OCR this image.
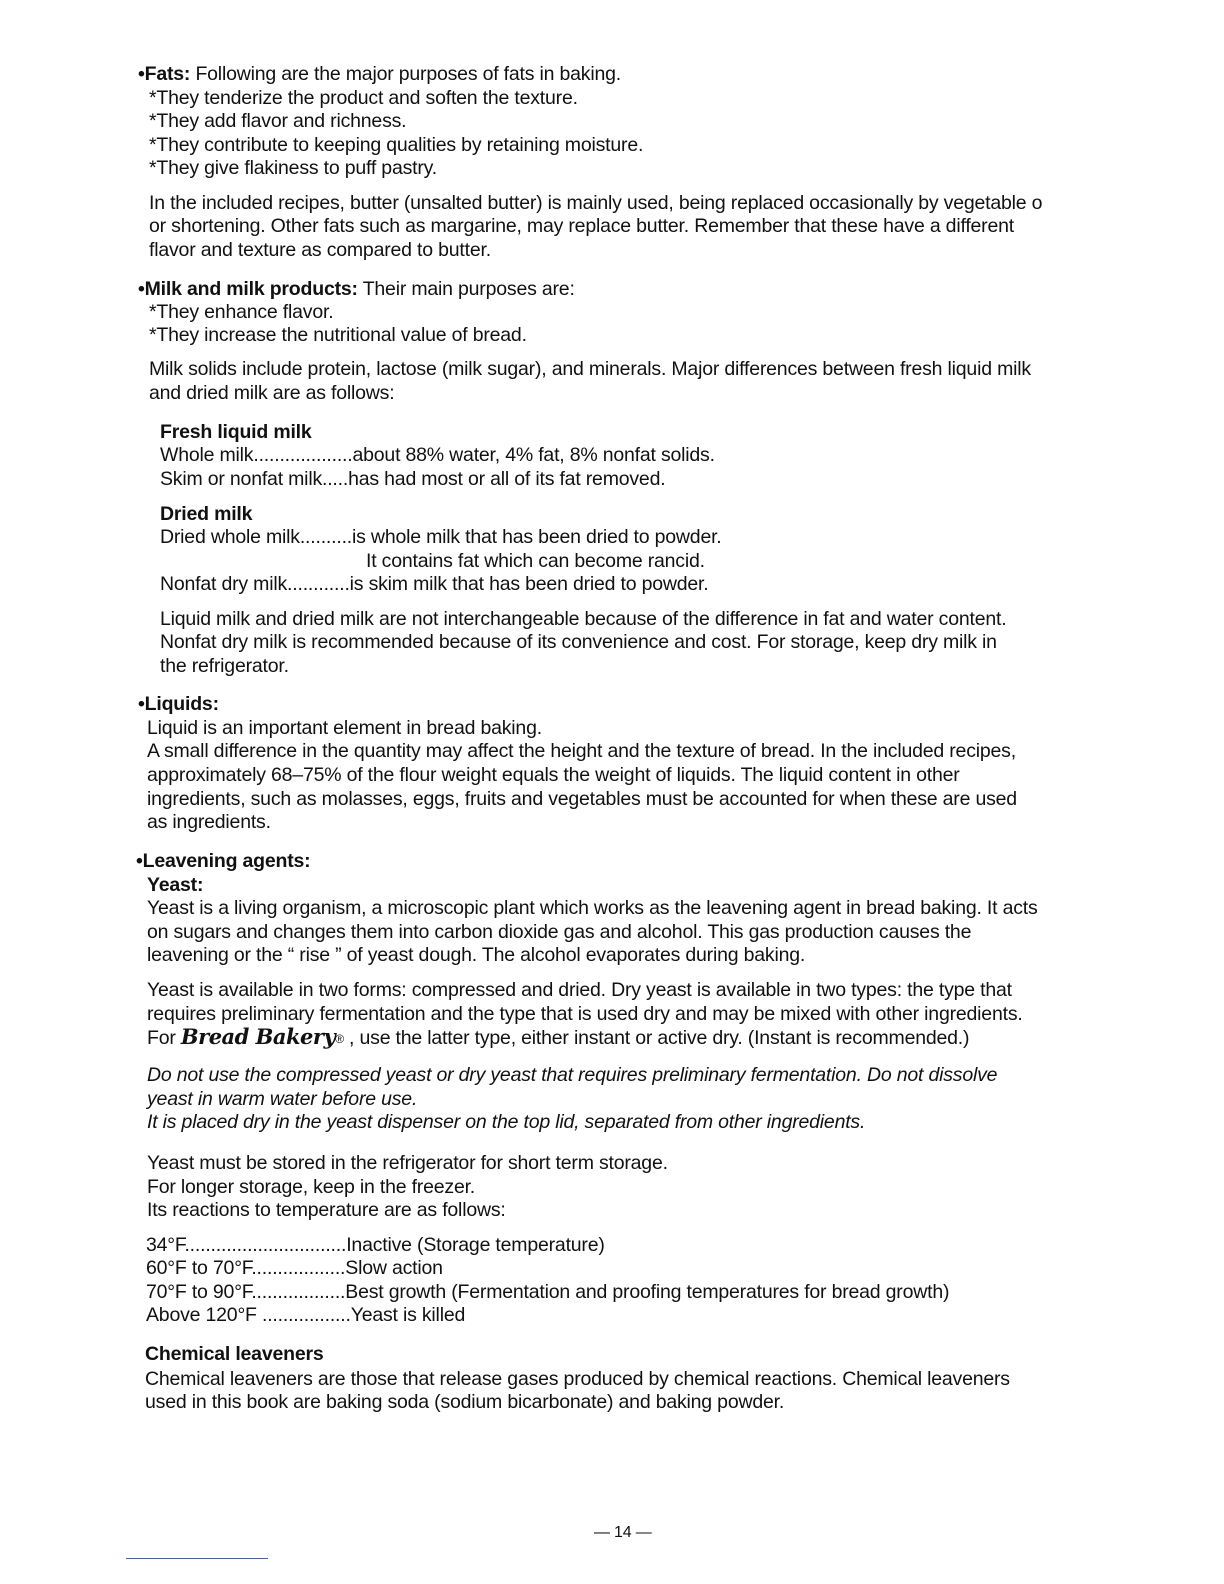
•Fats: Following are the major purposes of fats in baking.
*They tenderize the product and soften the texture.
*They add flavor and richness.
*They contribute to keeping qualities by retaining moisture.
*They give flakiness to puff pastry.
In the included recipes, butter (unsalted butter) is mainly used, being replaced occasionally by vegetable o
or shortening. Other fats such as margarine, may replace butter. Remember that these have a different
flavor and texture as compared to butter.
•Milk and milk products: Their main purposes are:
*They enhance flavor.
*They increase the nutritional value of bread.
Milk solids include protein, lactose (milk sugar), and minerals. Major differences between fresh liquid milk
and dried milk are as follows:
Fresh liquid milk
Whole milk...................about 88% water, 4% fat, 8% nonfat solids.
Skim or nonfat milk.....has had most or all of its fat removed.
Dried milk
Dried whole milk..........is whole milk that has been dried to powder.
It contains fat which can become rancid.
Nonfat dry milk............is skim milk that has been dried to powder.
Liquid milk and dried milk are not interchangeable because of the difference in fat and water content.
Nonfat dry milk is recommended because of its convenience and cost. For storage, keep dry milk in
the refrigerator.
•Liquids:
Liquid is an important element in bread baking.
A small difference in the quantity may affect the height and the texture of bread. In the included recipes,
approximately 68–75% of the flour weight equals the weight of liquids. The liquid content in other
ingredients, such as molasses, eggs, fruits and vegetables must be accounted for when these are used
as ingredients.
•Leavening agents:
Yeast:
Yeast is a living organism, a microscopic plant which works as the leavening agent in bread baking. It acts
on sugars and changes them into carbon dioxide gas and alcohol. This gas production causes the
leavening or the “ rise ” of yeast dough. The alcohol evaporates during baking.
Yeast is available in two forms: compressed and dried. Dry yeast is available in two types: the type that
requires preliminary fermentation and the type that is used dry and may be mixed with other ingredients.
For Bread Bakery® , use the latter type, either instant or active dry. (Instant is recommended.)
Do not use the compressed yeast or dry yeast that requires preliminary fermentation. Do not dissolve
yeast in warm water before use.
It is placed dry in the yeast dispenser on the top lid, separated from other ingredients.
Yeast must be stored in the refrigerator for short term storage.
For longer storage, keep in the freezer.
Its reactions to temperature are as follows:
34°F...............................Inactive (Storage temperature)
60°F to 70°F..................Slow action
70°F to 90°F..................Best growth (Fermentation and proofing temperatures for bread growth)
Above 120°F .................Yeast is killed
Chemical leaveners
Chemical leaveners are those that release gases produced by chemical reactions. Chemical leaveners
used in this book are baking soda (sodium bicarbonate) and baking powder.
— 14 —
